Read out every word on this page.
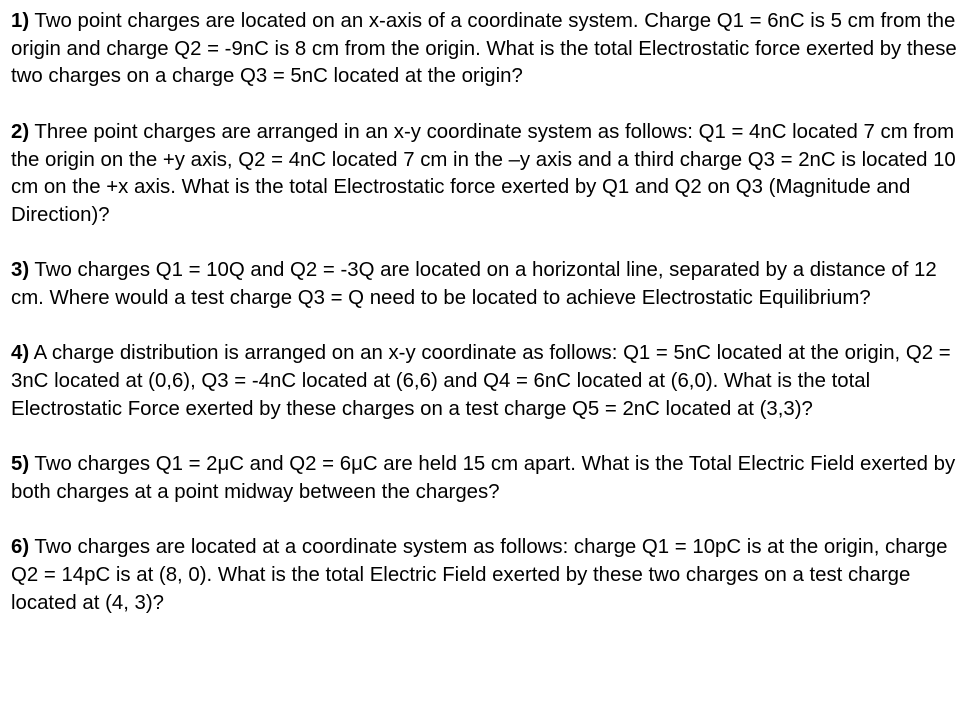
1) Two point charges are located on an x-axis of a coordinate system. Charge Q1 = 6nC is 5 cm from the origin and charge Q2 = -9nC is 8 cm from the origin. What is the total Electrostatic force exerted by these two charges on a charge Q3 = 5nC located at the origin?

2) Three point charges are arranged in an x-y coordinate system as follows: Q1 = 4nC located 7 cm from the origin on the +y axis, Q2 = 4nC located 7 cm in the –y axis and a third charge Q3 = 2nC is located 10 cm on the +x axis. What is the total Electrostatic force exerted by Q1 and Q2 on Q3 (Magnitude and Direction)?

3) Two charges Q1 = 10Q and Q2 = -3Q are located on a horizontal line, separated by a distance of 12 cm. Where would a test charge Q3 = Q need to be located to achieve Electrostatic Equilibrium?

4) A charge distribution is arranged on an x-y coordinate as follows: Q1 = 5nC located at the origin, Q2 = 3nC located at (0,6), Q3 = -4nC located at (6,6) and Q4 = 6nC located at (6,0). What is the total Electrostatic Force exerted by these charges on a test charge Q5 = 2nC located at (3,3)?

5) Two charges Q1 = 2μC and Q2 = 6μC are held 15 cm apart. What is the Total Electric Field exerted by both charges at a point midway between the charges?

6) Two charges are located at a coordinate system as follows: charge Q1 = 10pC is at the origin, charge Q2 = 14pC is at (8, 0). What is the total Electric Field exerted by these two charges on a test charge located at (4, 3)?
